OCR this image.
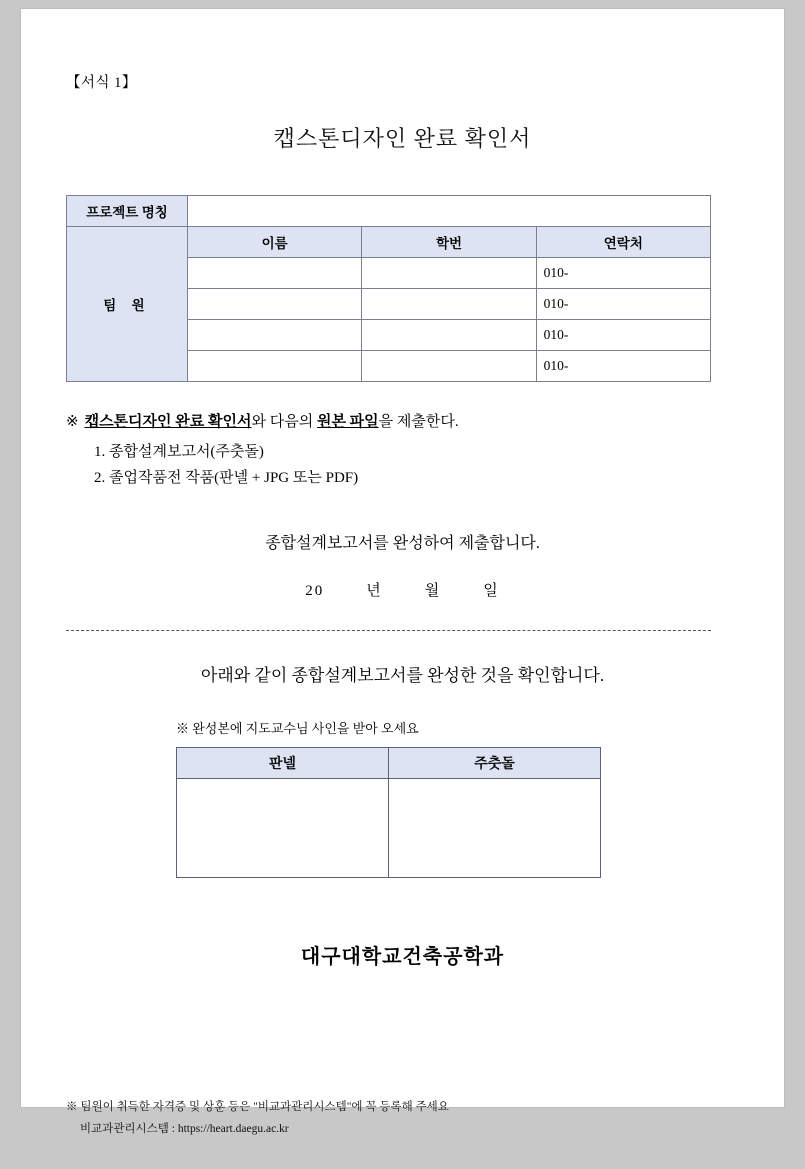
【서식 1】
캡스톤디자인 완료 확인서
프로젝트 명칭			
팀 원	이름	학번	연락처
			010-
			010-
			010-
			010-
※ 캡스톤디자인 완료 확인서와 다음의 원본 파일을 제출한다.
1. 종합설계보고서(주춧돌)
2. 졸업작품전 작품(판넬 + JPG 또는 PDF)
종합설계보고서를 완성하여 제출합니다.
20	년	월	일
아래와 같이 종합설계보고서를 완성한 것을 확인합니다.
※ 완성본에 지도교수님 사인을 받아 오세요
판넬	주춧돌

대구대학교건축공학과
※ 팀원이 취득한 자격증 및 상훈 등은 "비교과관리시스템"에 꼭 등록해 주세요
비교과관리시스템 : https://heart.daegu.ac.kr
